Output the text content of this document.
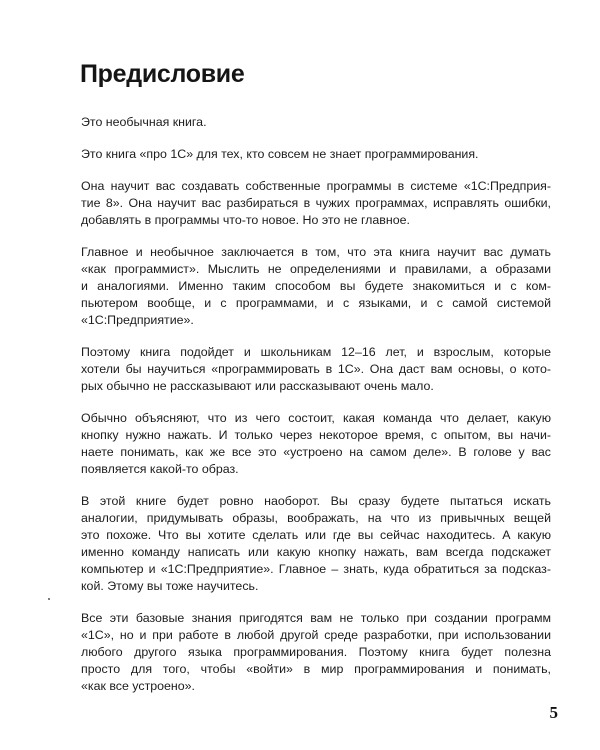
Предисловие
Это необычная книга.
Это книга «про 1С» для тех, кто совсем не знает программирования.
Она научит вас создавать собственные программы в системе «1С:Предприя-
тие 8». Она научит вас разбираться в чужих программах, исправлять ошибки,
добавлять в программы что-то новое. Но это не главное.
Главное и необычное заключается в том, что эта книга научит вас думать
«как программист». Мыслить не определениями и правилами, а образами
и аналогиями. Именно таким способом вы будете знакомиться и с ком-
пьютером вообще, и с программами, и с языками, и с самой системой
«1С:Предприятие».
Поэтому книга подойдет и школьникам 12–16 лет, и взрослым, которые
хотели бы научиться «программировать в 1С». Она даст вам основы, о кото-
рых обычно не рассказывают или рассказывают очень мало.
Обычно объясняют, что из чего состоит, какая команда что делает, какую
кнопку нужно нажать. И только через некоторое время, с опытом, вы начи-
наете понимать, как же все это «устроено на самом деле». В голове у вас
появляется какой-то образ.
В этой книге будет ровно наоборот. Вы сразу будете пытаться искать
аналогии, придумывать образы, воображать, на что из привычных вещей
это похоже. Что вы хотите сделать или где вы сейчас находитесь. А какую
именно команду написать или какую кнопку нажать, вам всегда подскажет
компьютер и «1С:Предприятие». Главное – знать, куда обратиться за подсказ-
кой. Этому вы тоже научитесь.
Все эти базовые знания пригодятся вам не только при создании программ
«1С», но и при работе в любой другой среде разработки, при использовании
любого другого языка программирования. Поэтому книга будет полезна
просто для того, чтобы «войти» в мир программирования и понимать,
«как все устроено».
5
